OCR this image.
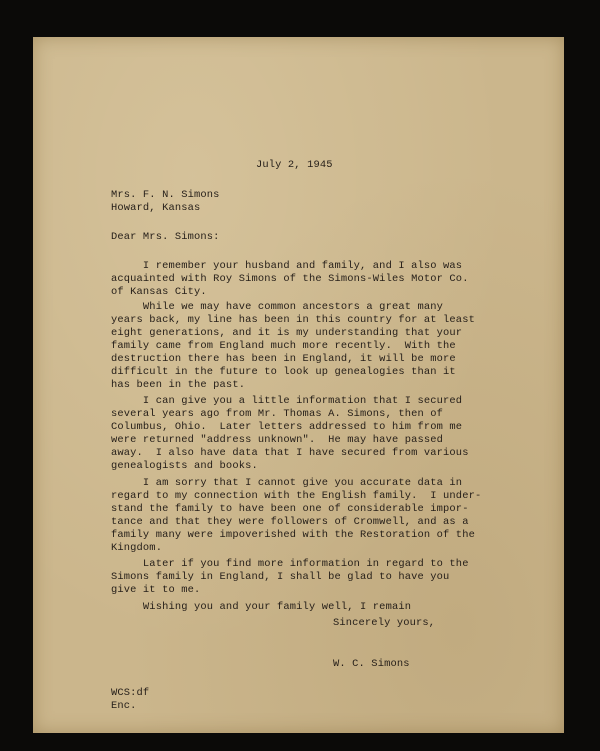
July 2, 1945
Mrs. F. N. Simons
Howard, Kansas
Dear Mrs. Simons:
I remember your husband and family, and I also was
acquainted with Roy Simons of the Simons-Wiles Motor Co.
of Kansas City.
While we may have common ancestors a great many
years back, my line has been in this country for at least
eight generations, and it is my understanding that your
family came from England much more recently.  With the
destruction there has been in England, it will be more
difficult in the future to look up genealogies than it
has been in the past.
I can give you a little information that I secured
several years ago from Mr. Thomas A. Simons, then of
Columbus, Ohio.  Later letters addressed to him from me
were returned "address unknown".  He may have passed
away.  I also have data that I have secured from various
genealogists and books.
I am sorry that I cannot give you accurate data in
regard to my connection with the English family.  I under-
stand the family to have been one of considerable impor-
tance and that they were followers of Cromwell, and as a
family many were impoverished with the Restoration of the
Kingdom.
Later if you find more information in regard to the
Simons family in England, I shall be glad to have you
give it to me.
Wishing you and your family well, I remain
Sincerely yours,
W. C. Simons
WCS:df
Enc.
